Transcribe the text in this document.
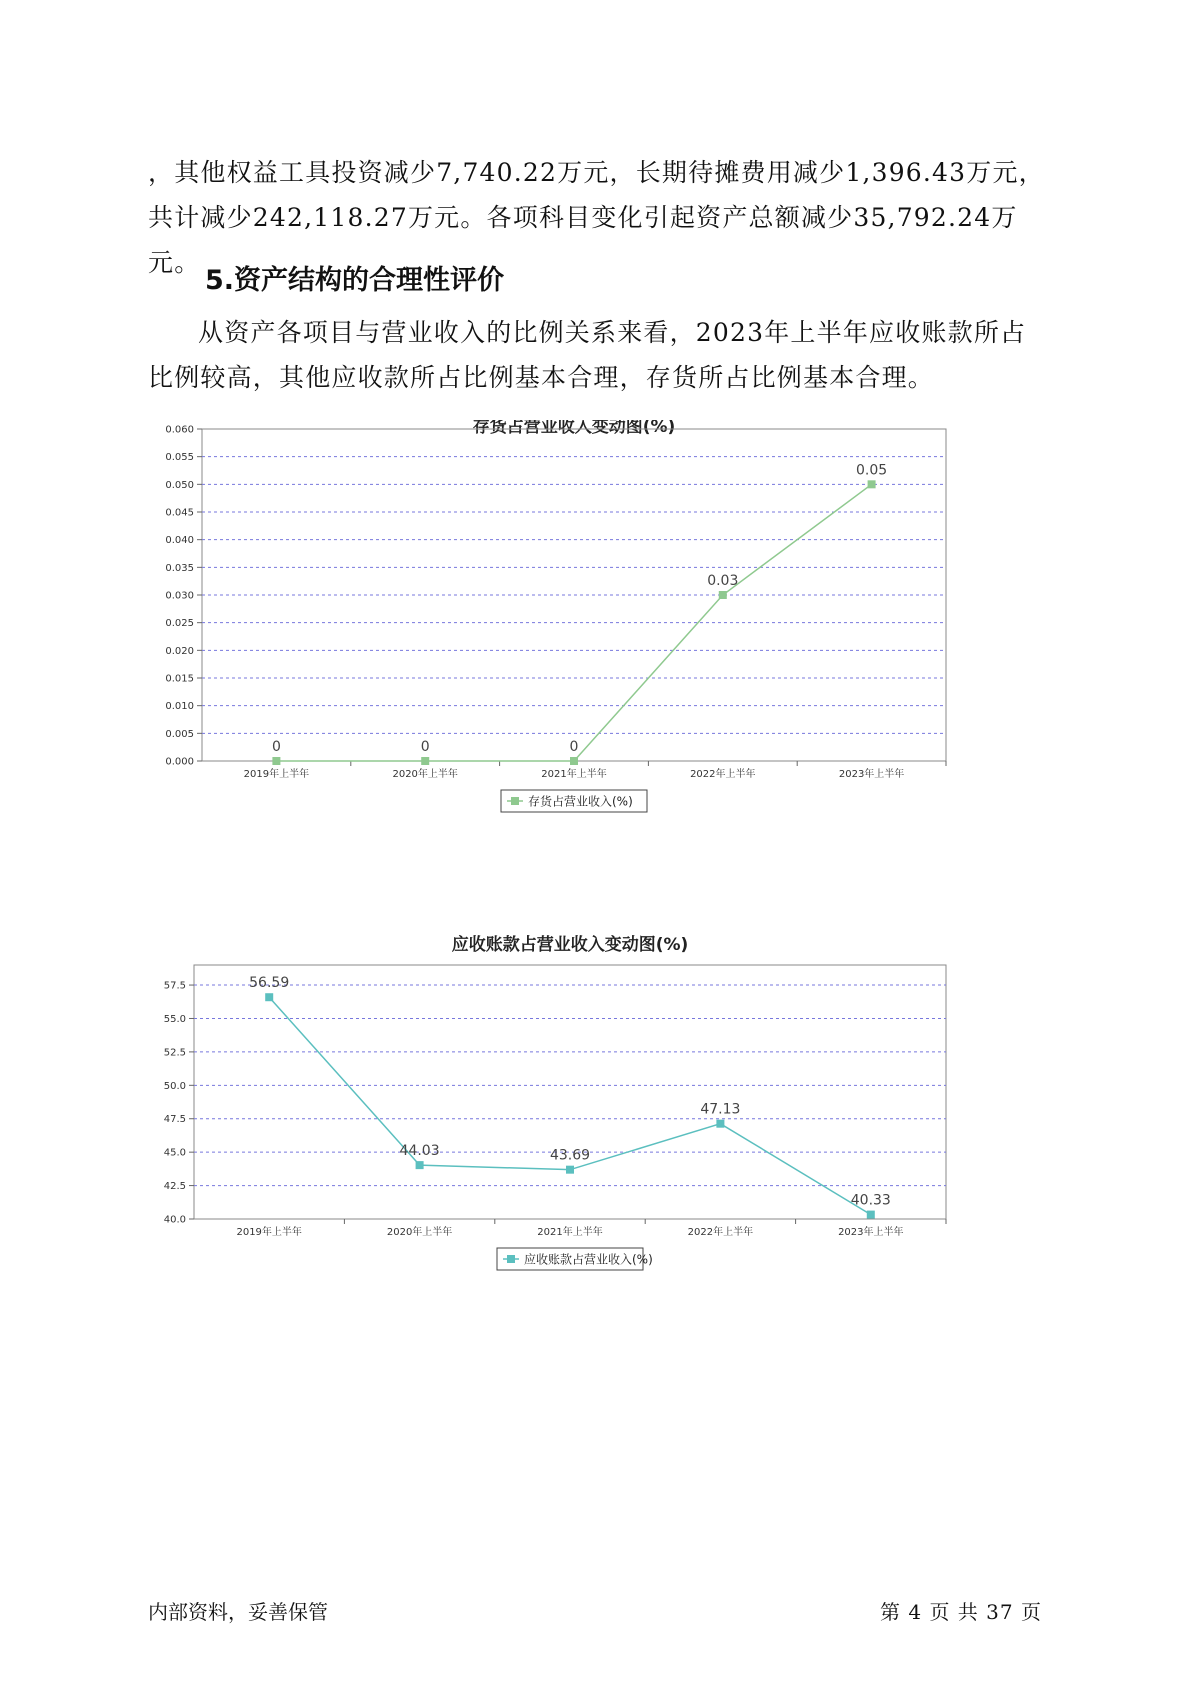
，其他权益工具投资减少7,740.22万元，长期待摊费用减少1,396.43万元，共计减少242,118.27万元。各项科目变化引起资产总额减少35,792.24万元。

5.资产结构的合理性评价

从资产各项目与营业收入的比例关系来看，2023年上半年应收账款所占比例较高，其他应收款所占比例基本合理，存货所占比例基本合理。

存货占营业收入变动图(%)
0.000
0.005
0.010
0.015
0.020
0.025
0.030
0.035
0.040
0.045
0.050
0.055
0.060
2019年上半年	2020年上半年	2021年上半年	2022年上半年	2023年上半年
0	0	0
0.03
0.05
存货占营业收入(%)
应收账款占营业收入变动图(%)
40.0
42.5
45.0
47.5
50.0
52.5
55.0
57.5
2019年上半年	2020年上半年	2021年上半年	2022年上半年	2023年上半年
56.59
44.03	43.69
47.13
40.33
应收账款占营业收入(%)
内部资料，妥善保管	第 4 页 共 37 页
